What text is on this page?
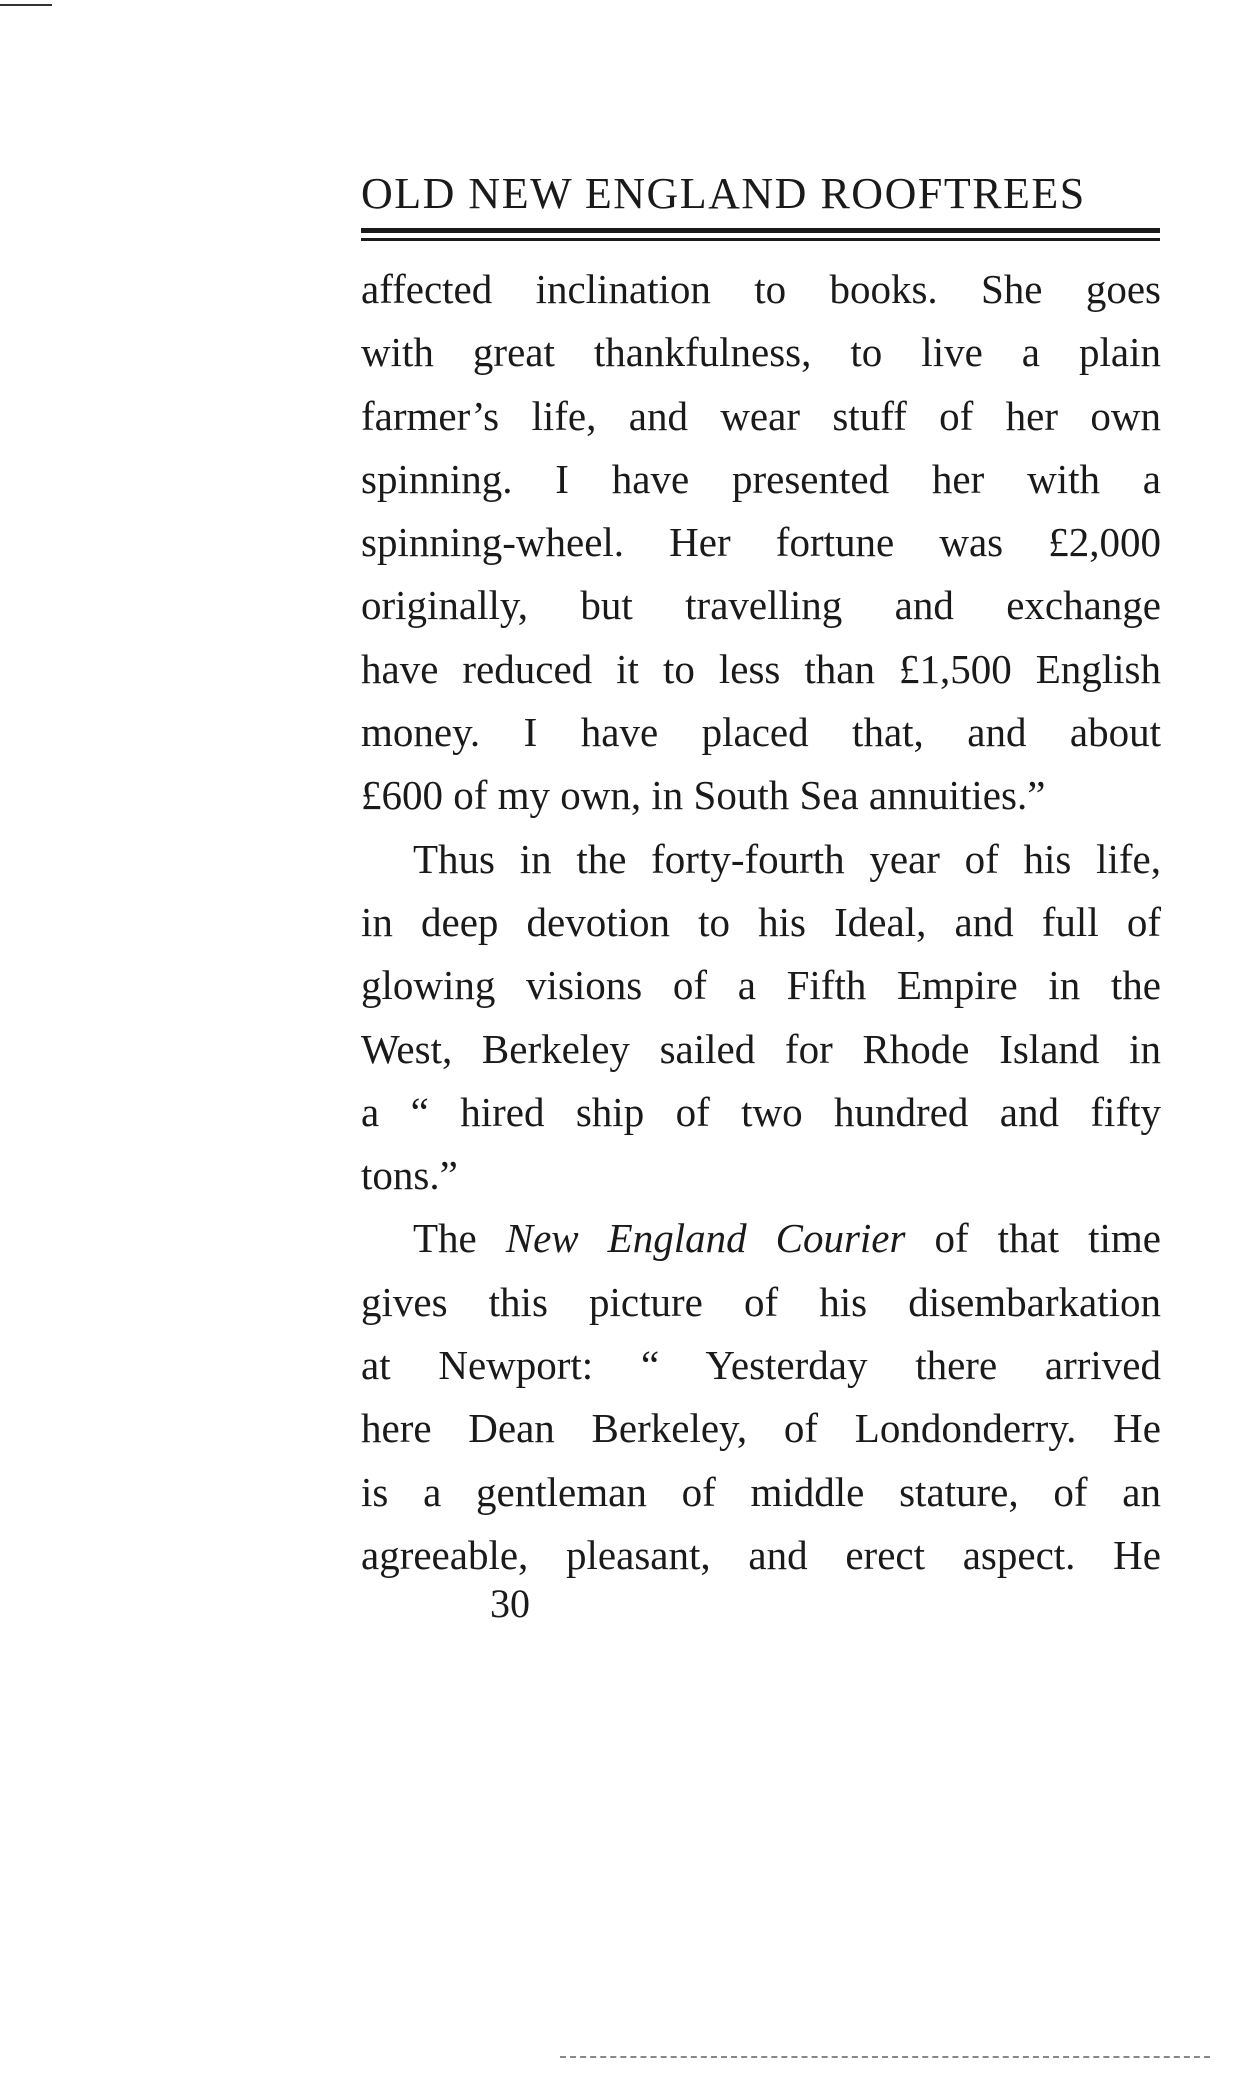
OLD NEW ENGLAND ROOFTREES
affected inclination to books. She goes
with great thankfulness, to live a plain
farmer’s life, and wear stuff of her own
spinning. I have presented her with a
spinning-wheel. Her fortune was £2,000
originally, but travelling and exchange
have reduced it to less than £1,500 English
money. I have placed that, and about
£600 of my own, in South Sea annuities.”
Thus in the forty-fourth year of his life,
in deep devotion to his Ideal, and full of
glowing visions of a Fifth Empire in the
West, Berkeley sailed for Rhode Island in
a “ hired ship of two hundred and fifty
tons.”
The New England Courier of that time
gives this picture of his disembarkation
at Newport: “ Yesterday there arrived
here Dean Berkeley, of Londonderry. He
is a gentleman of middle stature, of an
agreeable, pleasant, and erect aspect. He
30
